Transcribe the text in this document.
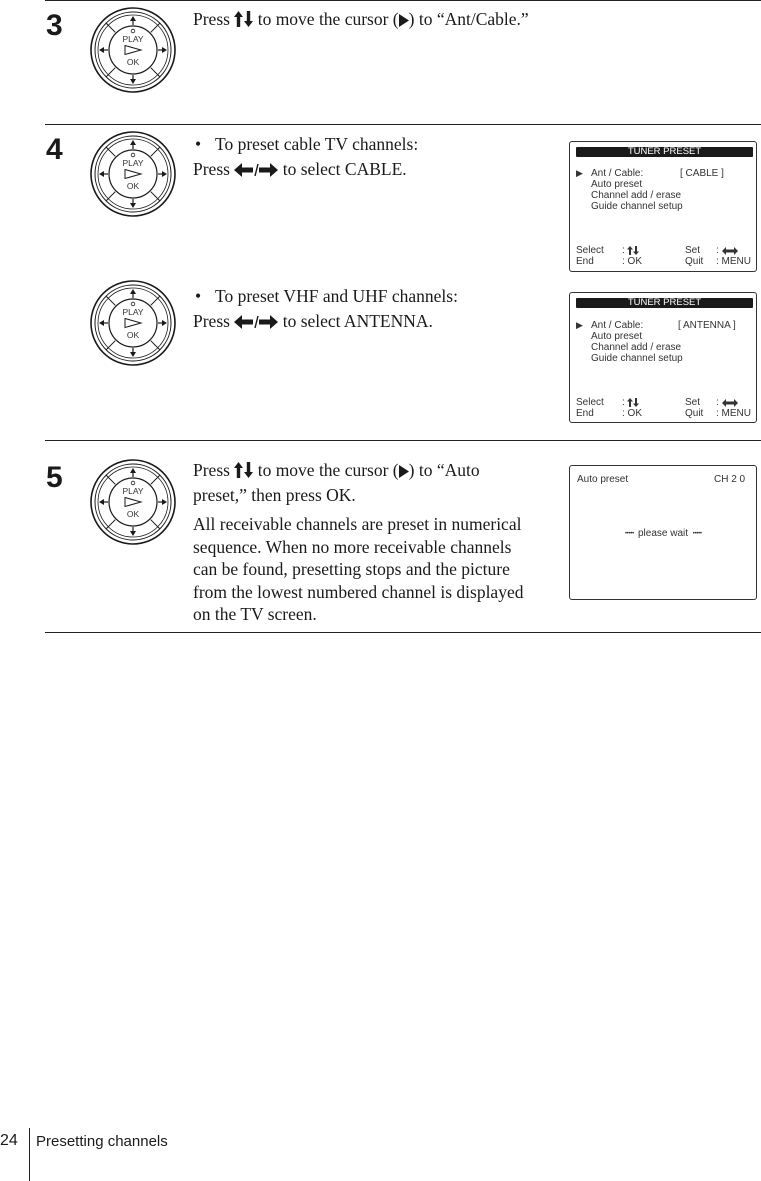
3	PLAY
OK

Press  to move the cursor ( ) to “Ant/Cable.”

4	PLAY
OK

• To preset cable TV channels:

Press	to select CABLE.

PLAY
OK

• To preset VHF and UHF channels:

Press	to select ANTENNA.

TUNER PRESET
▶ Ant / Cable:	[ CABLE ]
Auto preset
Channel add / erase
Guide channel setup
Select :	Set :
End	: OK	Quit : MENU
TUNER PRESET
▶ Ant / Cable:	[ ANTENNA ]
Auto preset
Channel add / erase
Guide channel setup
Select :	Set :
End	: OK	Quit : MENU
5	PLAY
OK

Press  to move the cursor ( ) to “Auto

preset,” then press OK.

All receivable channels are preset in numerical

sequence. When no more receivable channels

can be found, presetting stops and the picture

from the lowest numbered channel is displayed

on the TV screen.

Auto preset	CH 2 0
• • • • • please wait • • • • •
24 Presetting channels
